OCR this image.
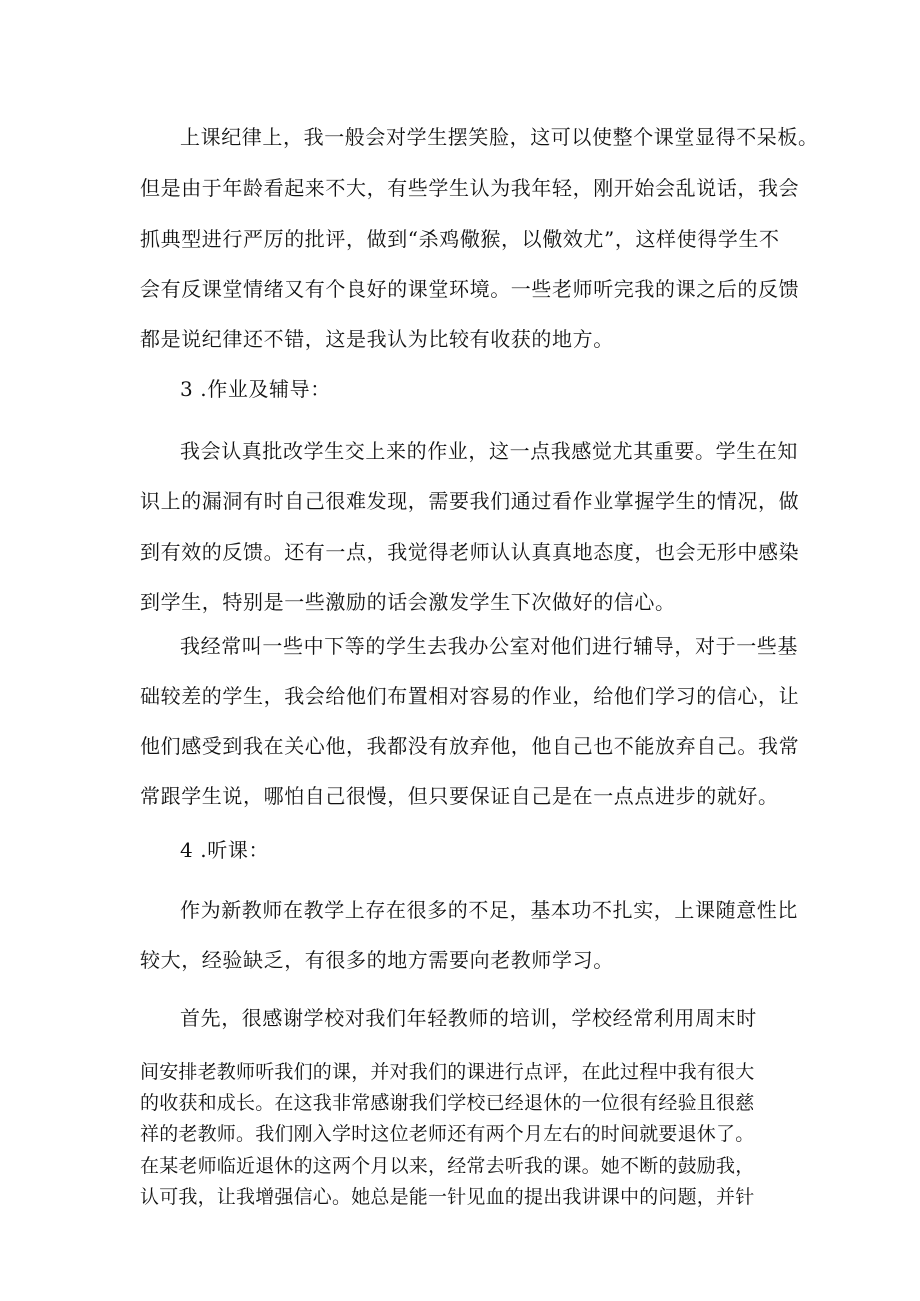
上课纪律上，我一般会对学生摆笑脸，这可以使整个课堂显得不呆板。
但是由于年龄看起来不大，有些学生认为我年轻，刚开始会乱说话，我会
抓典型进行严厉的批评，做到“杀鸡儆猴，以儆效尤”，这样使得学生不
会有反课堂情绪又有个良好的课堂环境。一些老师听完我的课之后的反馈
都是说纪律还不错，这是我认为比较有收获的地方。
3 .作业及辅导：
我会认真批改学生交上来的作业，这一点我感觉尤其重要。学生在知
识上的漏洞有时自己很难发现，需要我们通过看作业掌握学生的情况，做
到有效的反馈。还有一点，我觉得老师认认真真地态度，也会无形中感染
到学生，特别是一些激励的话会激发学生下次做好的信心。
我经常叫一些中下等的学生去我办公室对他们进行辅导，对于一些基
础较差的学生，我会给他们布置相对容易的作业，给他们学习的信心，让
他们感受到我在关心他，我都没有放弃他，他自己也不能放弃自己。我常
常跟学生说，哪怕自己很慢，但只要保证自己是在一点点进步的就好。
4 .听课：
作为新教师在教学上存在很多的不足，基本功不扎实，上课随意性比
较大，经验缺乏，有很多的地方需要向老教师学习。
首先，很感谢学校对我们年轻教师的培训，学校经常利用周末时
间安排老教师听我们的课，并对我们的课进行点评，在此过程中我有很大
的收获和成长。在这我非常感谢我们学校已经退休的一位很有经验且很慈
祥的老教师。我们刚入学时这位老师还有两个月左右的时间就要退休了。
在某老师临近退休的这两个月以来，经常去听我的课。她不断的鼓励我，
认可我，让我增强信心。她总是能一针见血的提出我讲课中的问题，并针
